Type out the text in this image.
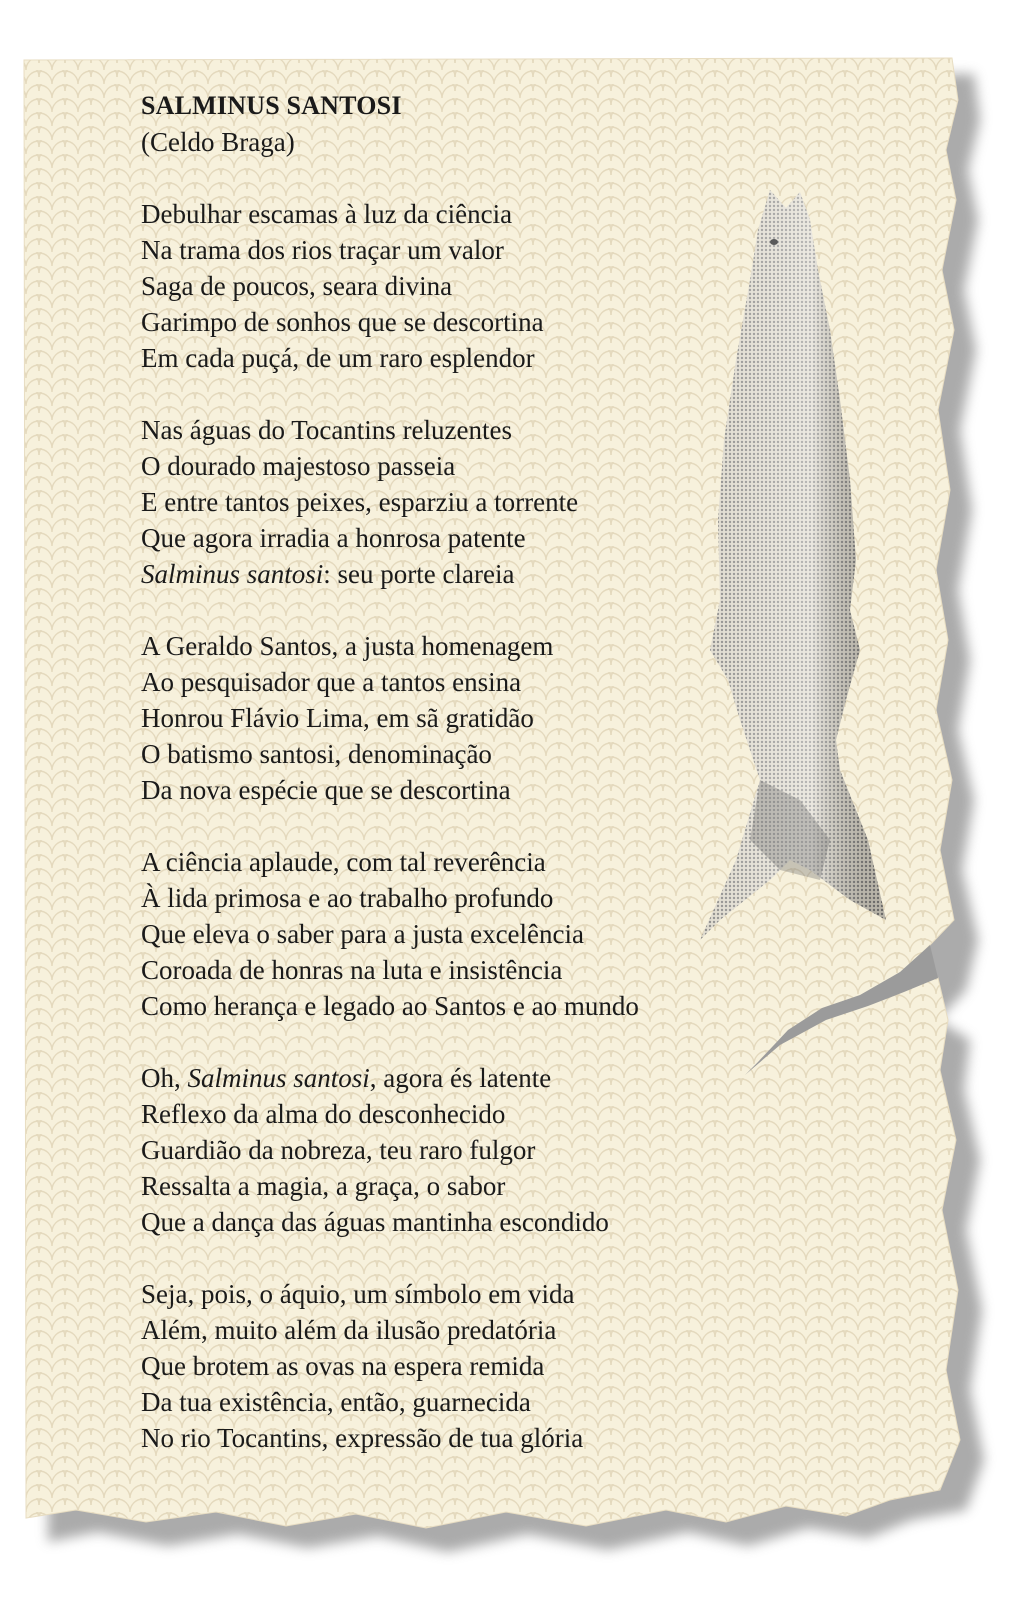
SALMINUS SANTOSI
(Celdo Braga)
Debulhar escamas à luz da ciência
Na trama dos rios traçar um valor
Saga de poucos, seara divina
Garimpo de sonhos que se descortina
Em cada puçá, de um raro esplendor
Nas águas do Tocantins reluzentes
O dourado majestoso passeia
E entre tantos peixes, esparziu a torrente
Que agora irradia a honrosa patente
Salminus santosi: seu porte clareia
A Geraldo Santos, a justa homenagem
Ao pesquisador que a tantos ensina
Honrou Flávio Lima, em sã gratidão
O batismo santosi, denominação
Da nova espécie que se descortina
A ciência aplaude, com tal reverência
À lida primosa e ao trabalho profundo
Que eleva o saber para a justa excelência
Coroada de honras na luta e insistência
Como herança e legado ao Santos e ao mundo
Oh, Salminus santosi, agora és latente
Reflexo da alma do desconhecido
Guardião da nobreza, teu raro fulgor
Ressalta a magia, a graça, o sabor
Que a dança das águas mantinha escondido
Seja, pois, o áquio, um símbolo em vida
Além, muito além da ilusão predatória
Que brotem as ovas na espera remida
Da tua existência, então, guarnecida
No rio Tocantins, expressão de tua glória
